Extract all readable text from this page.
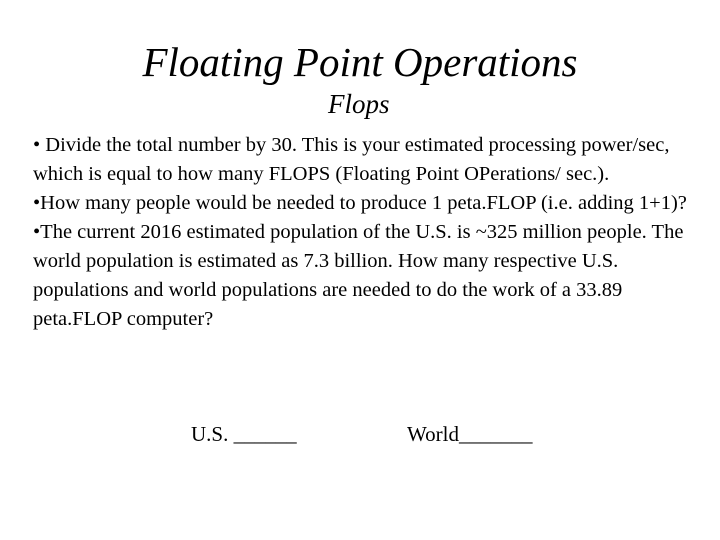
Floating Point Operations
Flops

• Divide the total number by 30. This is your estimated processing power/sec, which is equal to how many FLOPS (Floating Point OPerations/ sec.).

•How many people would be needed to produce 1 peta.FLOP (i.e. adding 1+1)?

•The current 2016 estimated population of the U.S. is ~325 million people. The world population is estimated as 7.3 billion. How many respective U.S. populations and world populations are needed to do the work of a 33.89 peta.FLOP computer?

U.S. ______	World_______
